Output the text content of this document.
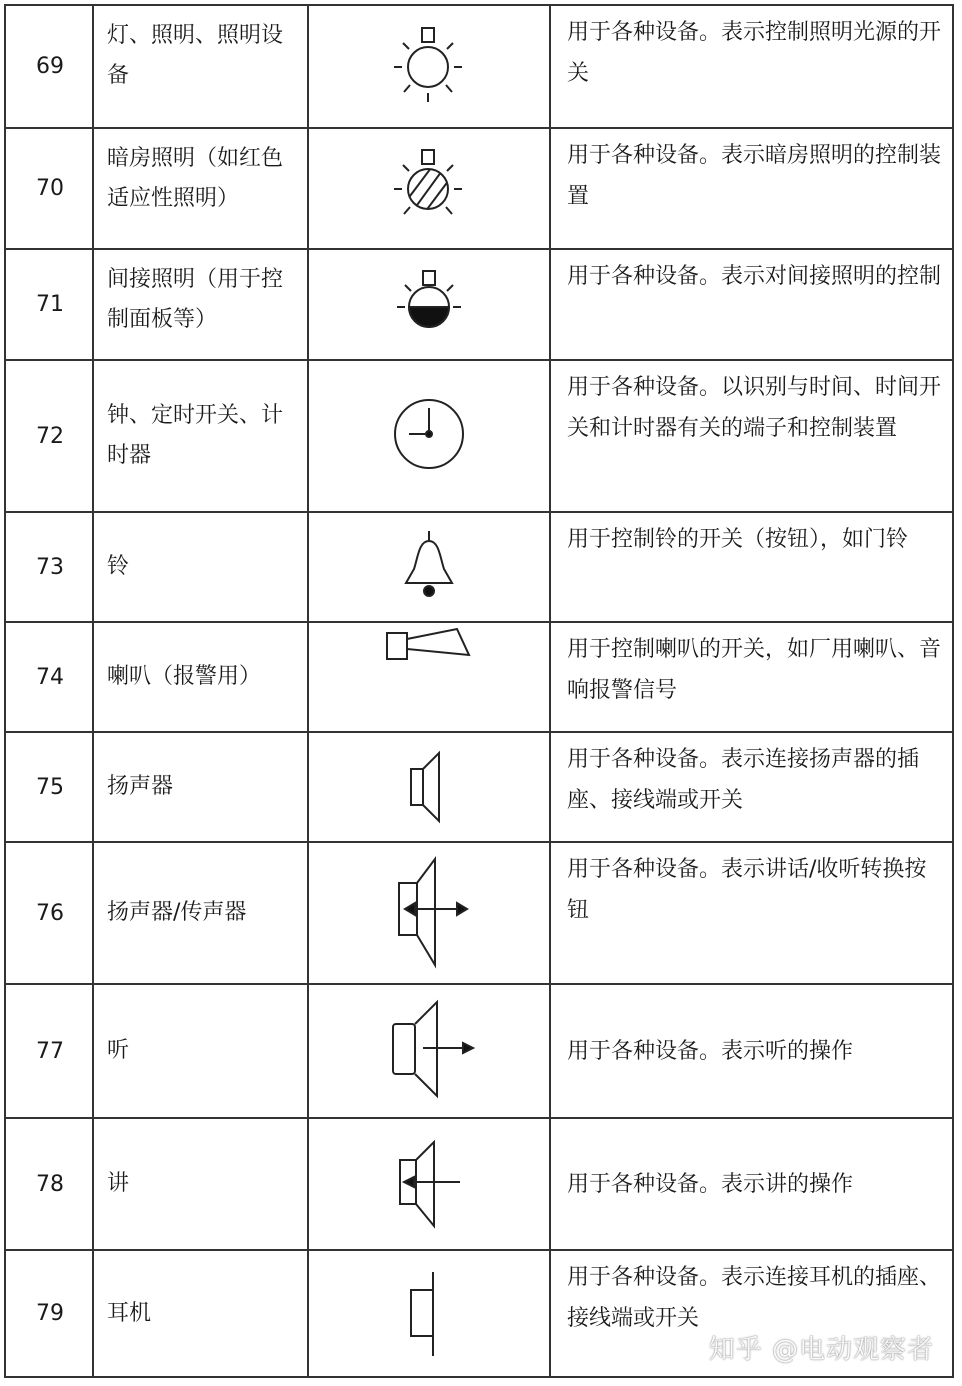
69	灯、照明、照明设备		用于各种设备。表示控制照明光源的开关
70	暗房照明（如红色适应性照明）		用于各种设备。表示暗房照明的控制装置
71	间接照明（用于控制面板等）		用于各种设备。表示对间接照明的控制
72	钟、定时开关、计时器		用于各种设备。以识别与时间、时间开关和计时器有关的端子和控制装置
73	铃		用于控制铃的开关（按钮），如门铃
74	喇叭（报警用）		用于控制喇叭的开关，如厂用喇叭、音响报警信号
75	扬声器		用于各种设备。表示连接扬声器的插座、接线端或开关
76	扬声器/传声器		用于各种设备。表示讲话/收听转换按钮
77	听		用于各种设备。表示听的操作
78	讲		用于各种设备。表示讲的操作
79	耳机		用于各种设备。表示连接耳机的插座、接线端或开关
知乎 @电动观察者
